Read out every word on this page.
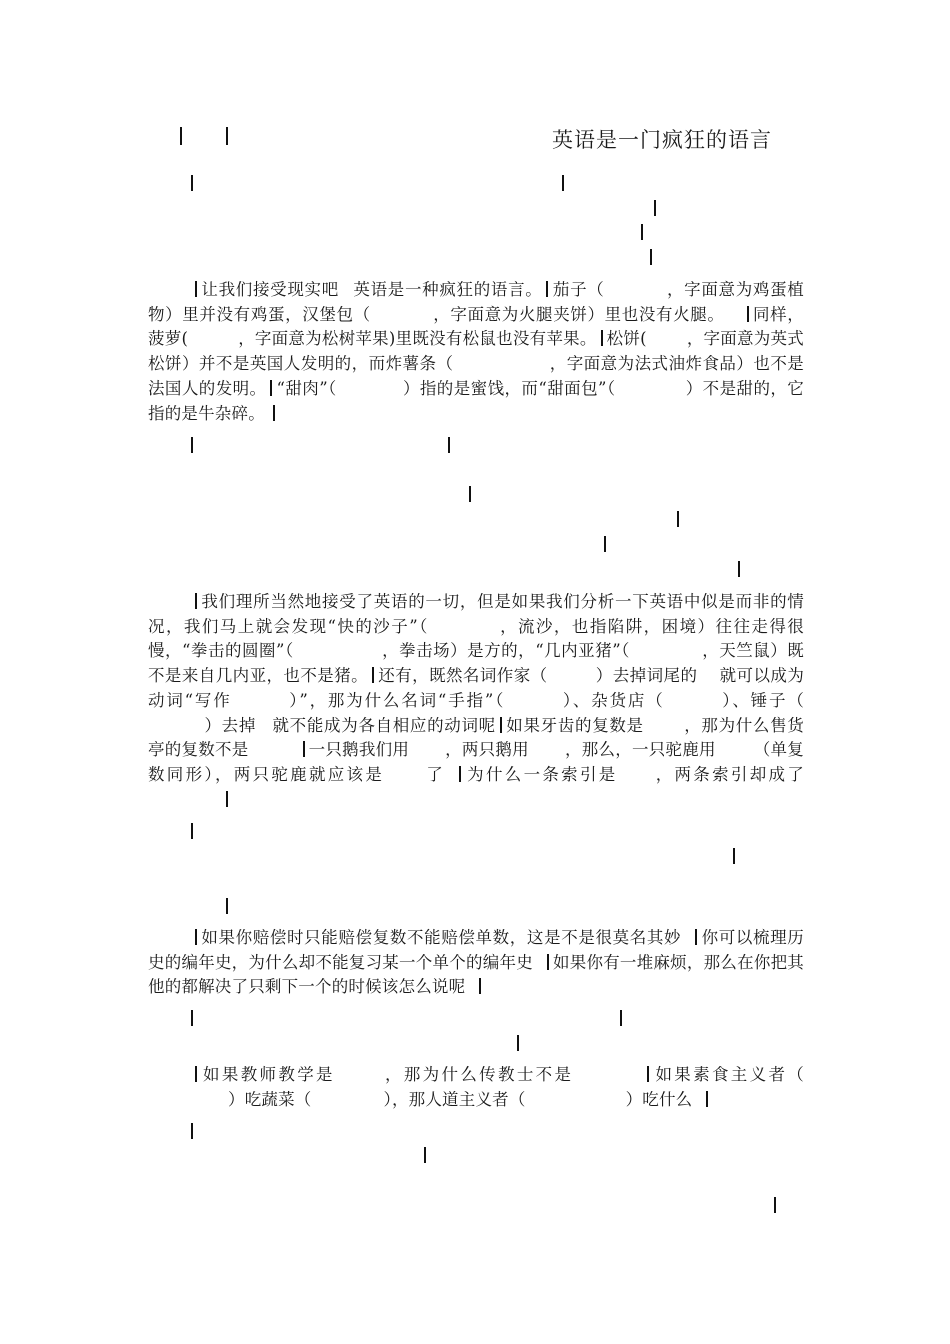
英语是一门疯狂的语言
让我们接受现实吧 英语是一种疯狂的语言。 茄子（	，字面意为鸡蛋植物）里并没有鸡蛋，汉堡包（	，字面意为火腿夹饼）里也没有火腿。 同样，菠萝(	，字面意为松树苹果)里既没有松鼠也没有苹果。 松饼( ，字面意为英式松饼）并不是英国人发明的，而炸薯条（	，字面意为法式油炸食品）也不是法国人的发明。 “甜肉”（	）指的是蜜饯，而“甜面包”（	）不是甜的，它指的是牛杂碎。
我们理所当然地接受了英语的一切，但是如果我们分析一下英语中似是而非的情况，我们马上就会发现“快的沙子”（	，流沙，也指陷阱，困境）往往走得很慢，“拳击的圆圈”（	，拳击场）是方的，“几内亚猪”（	，天竺鼠）既不是来自几内亚，也不是猪。 还有，既然名词作家（	）去掉词尾的 就可以成为动词“写作	）”，那为什么名词“手指”（	）、杂货店（	）、锤子（）去掉 就不能成为各自相应的动词呢 如果牙齿的复数是 ，那为什么售货亭的复数不是	一只鹅我们用 ，两只鹅用 ，那么，一只驼鹿用 （单复数同形），两只驼鹿就应该是 了 为什么一条索引是 ，两条索引却成了
如果你赔偿时只能赔偿复数不能赔偿单数，这是不是很莫名其妙 你可以梳理历史的编年史，为什么却不能复习某一个单个的编年史 如果你有一堆麻烦，那么在你把其他的都解决了只剩下一个的时候该怎么说呢
如果教师教学是	，那为什么传教士不是	如果素食主义者（）吃蔬菜（	），那人道主义者（	）吃什么
